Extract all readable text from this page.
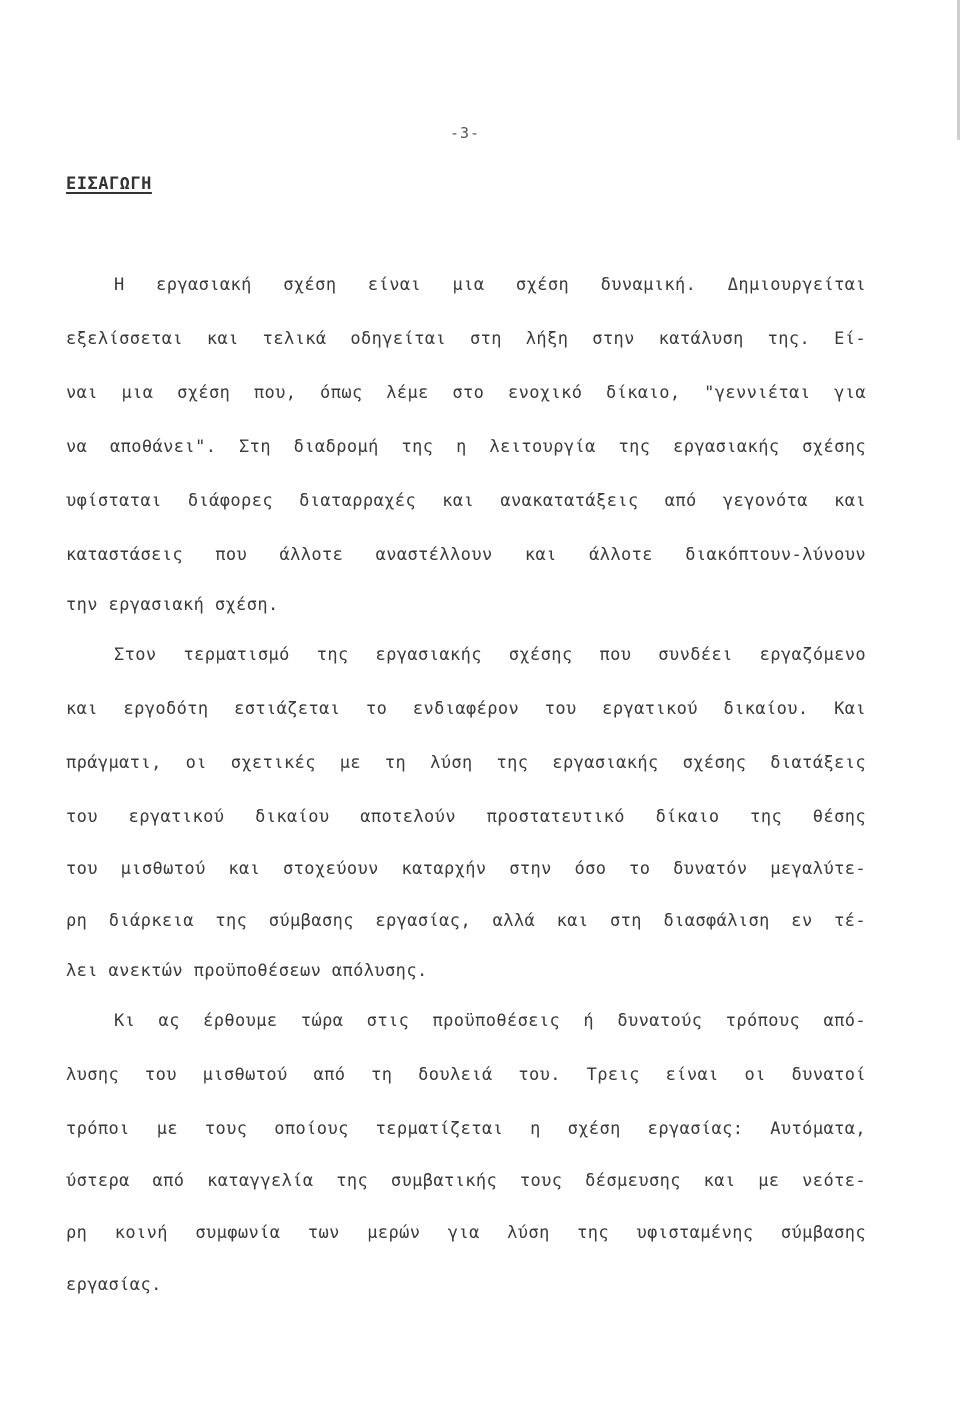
-3-
ΕΙΣΑΓΩΓΗ
Η εργασιακή σχέση είναι μια σχέση δυναμική. Δημιουργείται
εξελίσσεται και τελικά οδηγείται στη λήξη στην κατάλυση της. Εί-
ναι μια σχέση που, όπως λέμε στο ενοχικό δίκαιο, "γεννιέται για
να αποθάνει". Στη διαδρομή της η λειτουργία της εργασιακής σχέσης
υφίσταται διάφορες διαταρραχές και ανακατατάξεις από γεγονότα και
καταστάσεις που άλλοτε αναστέλλουν και άλλοτε διακόπτουν-λύνουν
την εργασιακή σχέση.
Στον τερματισμό της εργασιακής σχέσης που συνδέει εργαζόμενο
και εργοδότη εστιάζεται το ενδιαφέρον του εργατικού δικαίου. Και
πράγματι, οι σχετικές με τη λύση της εργασιακής σχέσης διατάξεις
του εργατικού δικαίου αποτελούν προστατευτικό δίκαιο της θέσης
του μισθωτού και στοχεύουν καταρχήν στην όσο το δυνατόν μεγαλύτε-
ρη διάρκεια της σύμβασης εργασίας, αλλά και στη διασφάλιση εν τέ-
λει ανεκτών προϋποθέσεων απόλυσης.
Κι ας έρθουμε τώρα στις προϋποθέσεις ή δυνατούς τρόπους από-
λυσης του μισθωτού από τη δουλειά του. Τρεις είναι οι δυνατοί
τρόποι με τους οποίους τερματίζεται η σχέση εργασίας: Αυτόματα,
ύστερα από καταγγελία της συμβατικής τους δέσμευσης και με νεότε-
ρη κοινή συμφωνία των μερών για λύση της υφισταμένης σύμβασης
εργασίας.
